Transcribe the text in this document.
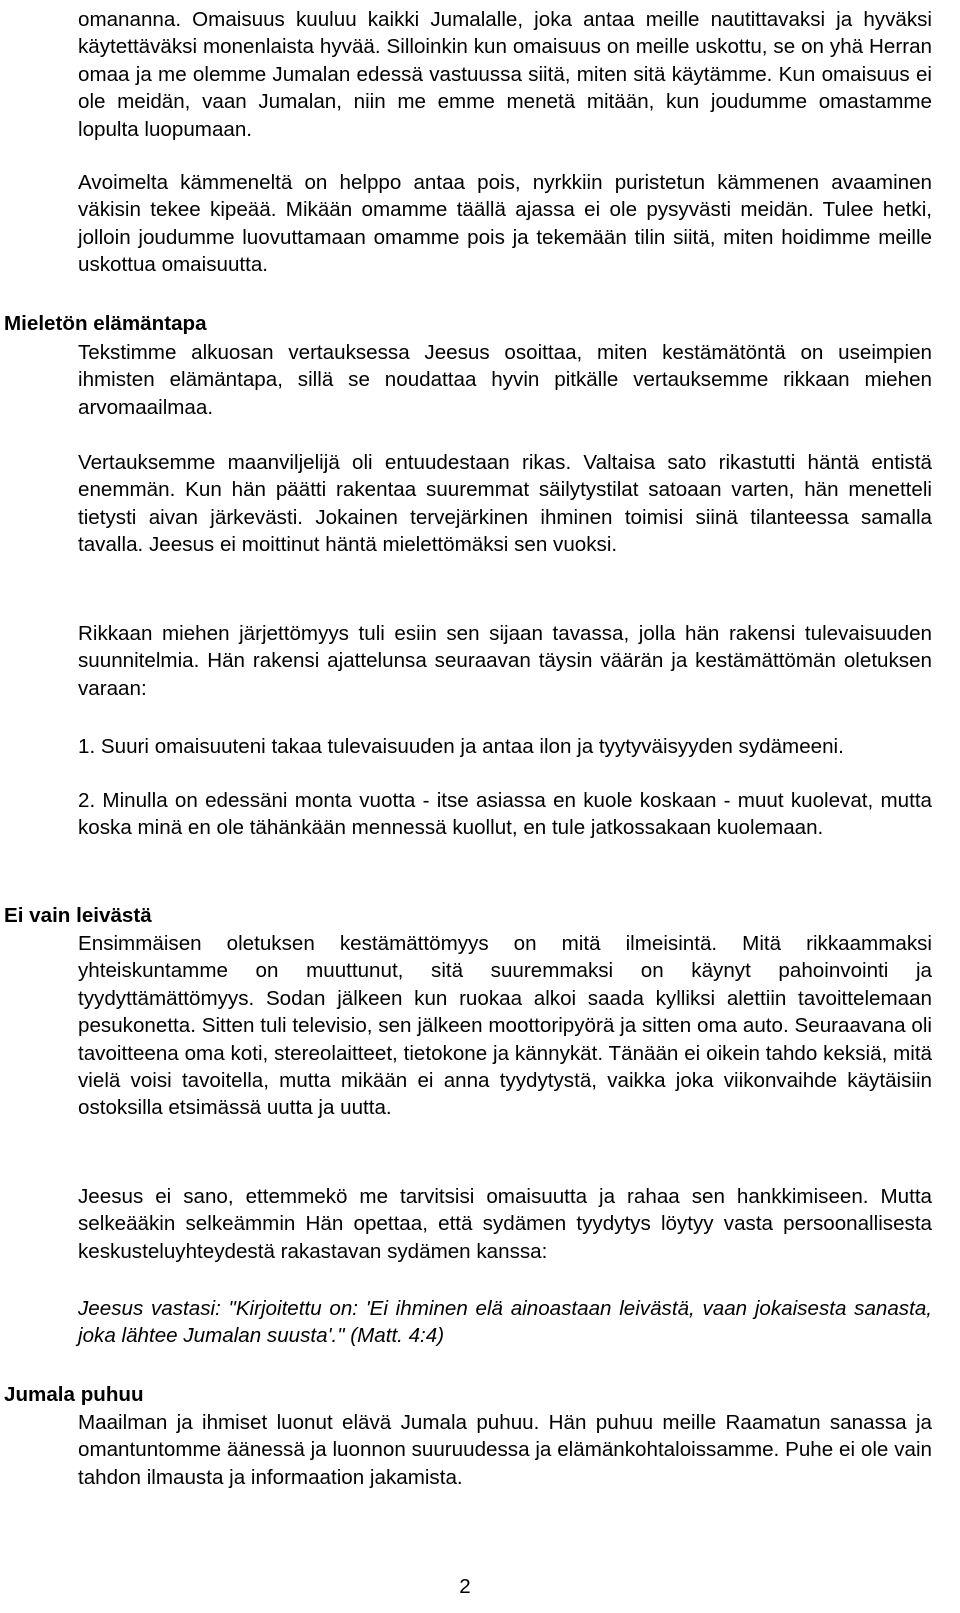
omananna. Omaisuus kuuluu kaikki Jumalalle, joka antaa meille nautittavaksi ja hyväksi käytettäväksi monenlaista hyvää. Silloinkin kun omaisuus on meille uskottu, se on yhä Herran omaa ja me olemme Jumalan edessä vastuussa siitä, miten sitä käytämme. Kun omaisuus ei ole meidän, vaan Jumalan, niin me emme menetä mitään, kun joudumme omastamme lopulta luopumaan.

Avoimelta kämmeneltä on helppo antaa pois, nyrkkiin puristetun kämmenen avaaminen väkisin tekee kipeää. Mikään omamme täällä ajassa ei ole pysyvästi meidän. Tulee hetki, jolloin joudumme luovuttamaan omamme pois ja tekemään tilin siitä, miten hoidimme meille uskottua omaisuutta.

Mieletön elämäntapa

Tekstimme alkuosan vertauksessa Jeesus osoittaa, miten kestämätöntä on useimpien ihmisten elämäntapa, sillä se noudattaa hyvin pitkälle vertauksemme rikkaan miehen arvomaailmaa.

Vertauksemme maanviljelijä oli entuudestaan rikas. Valtaisa sato rikastutti häntä entistä enemmän. Kun hän päätti rakentaa suuremmat säilytystilat satoaan varten, hän menetteli tietysti aivan järkevästi. Jokainen tervejärkinen ihminen toimisi siinä tilanteessa samalla tavalla. Jeesus ei moittinut häntä mielettömäksi sen vuoksi.

Rikkaan miehen järjettömyys tuli esiin sen sijaan tavassa, jolla hän rakensi tulevaisuuden suunnitelmia. Hän rakensi ajattelunsa seuraavan täysin väärän ja kestämättömän oletuksen varaan:

1. Suuri omaisuuteni takaa tulevaisuuden ja antaa ilon ja tyytyväisyyden sydämeeni.

2. Minulla on edessäni monta vuotta - itse asiassa en kuole koskaan - muut kuolevat, mutta koska minä en ole tähänkään mennessä kuollut, en tule jatkossakaan kuolemaan.

Ei vain leivästä

Ensimmäisen oletuksen kestämättömyys on mitä ilmeisintä. Mitä rikkaammaksi yhteiskuntamme on muuttunut, sitä suuremmaksi on käynyt pahoinvointi ja tyydyttämättömyys. Sodan jälkeen kun ruokaa alkoi saada kylliksi alettiin tavoittelemaan pesukonetta. Sitten tuli televisio, sen jälkeen moottoripyörä ja sitten oma auto. Seuraavana oli tavoitteena oma koti, stereolaitteet, tietokone ja kännykät. Tänään ei oikein tahdo keksiä, mitä vielä voisi tavoitella, mutta mikään ei anna tyydytystä, vaikka joka viikonvaihde käytäisiin ostoksilla etsimässä uutta ja uutta.

Jeesus ei sano, ettemmekö me tarvitsisi omaisuutta ja rahaa sen hankkimiseen. Mutta selkeääkin selkeämmin Hän opettaa, että sydämen tyydytys löytyy vasta persoonallisesta keskusteluyhteydestä rakastavan sydämen kanssa:

Jeesus vastasi: "Kirjoitettu on: 'Ei ihminen elä ainoastaan leivästä, vaan jokaisesta sanasta, joka lähtee Jumalan suusta'." (Matt. 4:4)

Jumala puhuu

Maailman ja ihmiset luonut elävä Jumala puhuu. Hän puhuu meille Raamatun sanassa ja omantuntomme äänessä ja luonnon suuruudessa ja elämänkohtaloissamme. Puhe ei ole vain tahdon ilmausta ja informaation jakamista.

2
